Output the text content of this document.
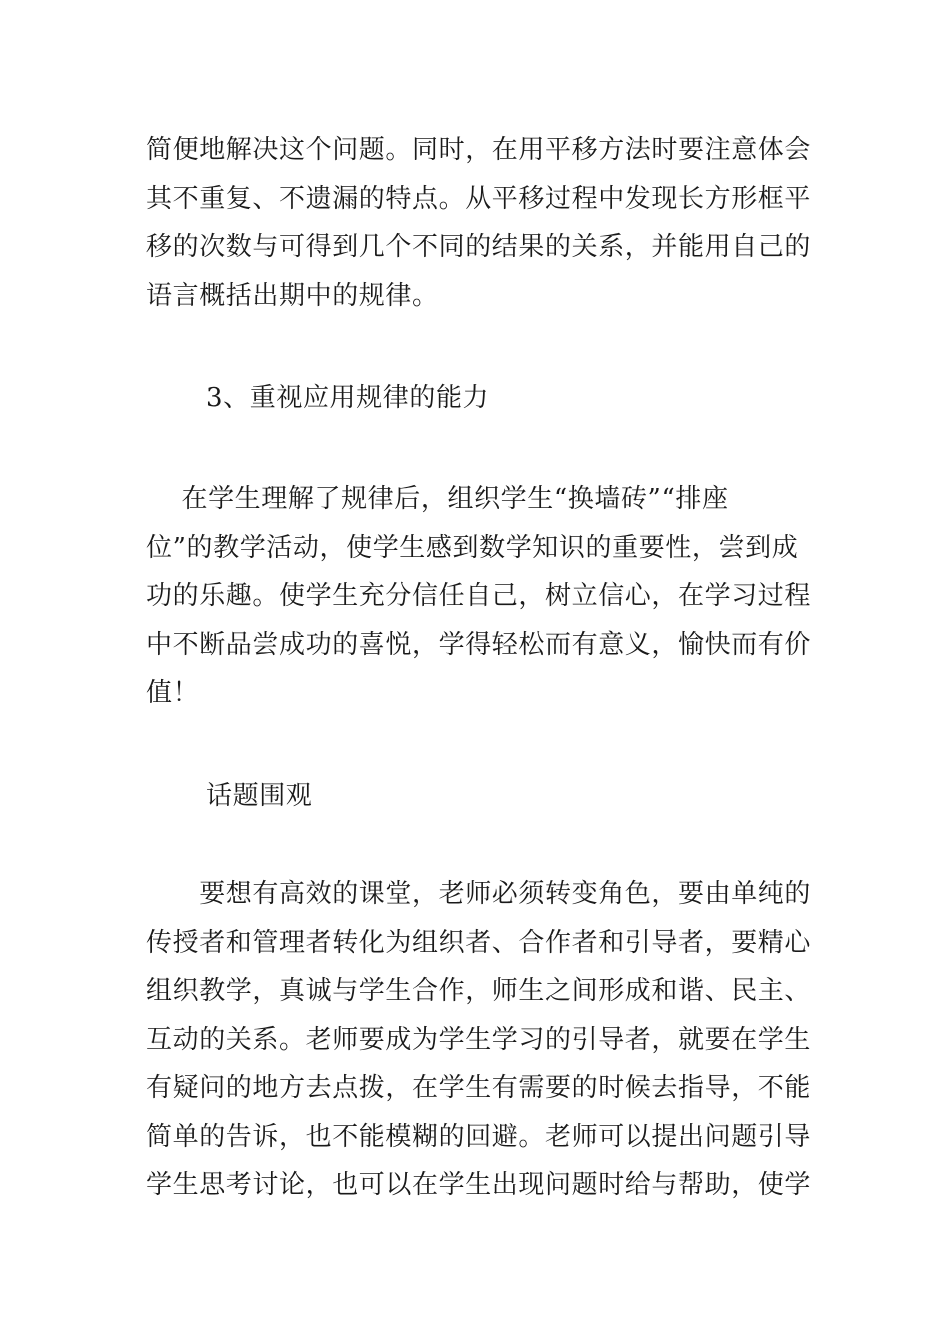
简便地解决这个问题。同时，在用平移方法时要注意体会
其不重复、不遗漏的特点。从平移过程中发现长方形框平
移的次数与可得到几个不同的结果的关系，并能用自己的
语言概括出期中的规律。
3、重视应用规律的能力
　 在学生理解了规律后，组织学生“换墙砖”“排座
位”的教学活动，使学生感到数学知识的重要性，尝到成
功的乐趣。使学生充分信任自己，树立信心，在学习过程
中不断品尝成功的喜悦，学得轻松而有意义，愉快而有价
值！
话题围观
　　要想有高效的课堂，老师必须转变角色，要由单纯的
传授者和管理者转化为组织者、合作者和引导者，要精心
组织教学，真诚与学生合作，师生之间形成和谐、民主、
互动的关系。老师要成为学生学习的引导者，就要在学生
有疑问的地方去点拨，在学生有需要的时候去指导，不能
简单的告诉，也不能模糊的回避。老师可以提出问题引导
学生思考讨论，也可以在学生出现问题时给与帮助，使学
